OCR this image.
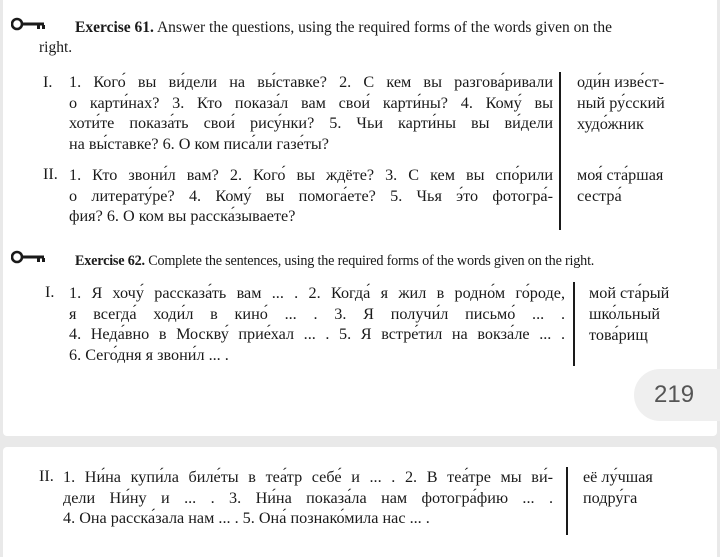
Exercise 61. Answer the questions, using the required forms of the words given on the
right.
I. 1. Кого́ вы ви́дели на вы́ставке? 2. С кем вы разгова́ривали
о карти́нах? 3. Кто показа́л вам свои́ карти́ны? 4. Кому́ вы
хоти́те показа́ть свои́ рису́нки? 5. Чьи карти́ны вы ви́дели
на вы́ставке? 6. О ком писа́ли газе́ты?
оди́н изве́ст-
ный ру́сский
худо́жник
II. 1. Кто звони́л вам? 2. Кого́ вы ждёте? 3. С кем вы спо́рили
о литерату́ре? 4. Кому́ вы помога́ете? 5. Чья э́то фотогра́-
фия? 6. О ком вы расска́зываете?
моя́ ста́ршая
сестра́
Exercise 62. Complete the sentences, using the required forms of the words given on the right.
I. 1. Я хочу́ рассказа́ть вам ... . 2. Когда́ я жил в родно́м го́роде,
я всегда́ ходи́л в кино́ ... . 3. Я получи́л письмо́ ... .
4. Неда́вно в Москву́ прие́хал ... . 5. Я встре́тил на вокза́ле ... .
6. Сего́дня я звони́л ... .
мой ста́рый
шко́льный
това́рищ
219
II. 1. Ни́на купи́ла биле́ты в теа́тр себе́ и ... . 2. В теа́тре мы ви́-
дели Ни́ну и ... . 3. Ни́на показа́ла нам фотогра́фию ... .
4. Она расска́зала нам ... . 5. Она́ познако́мила нас ... .
её лу́чшая
подру́га
